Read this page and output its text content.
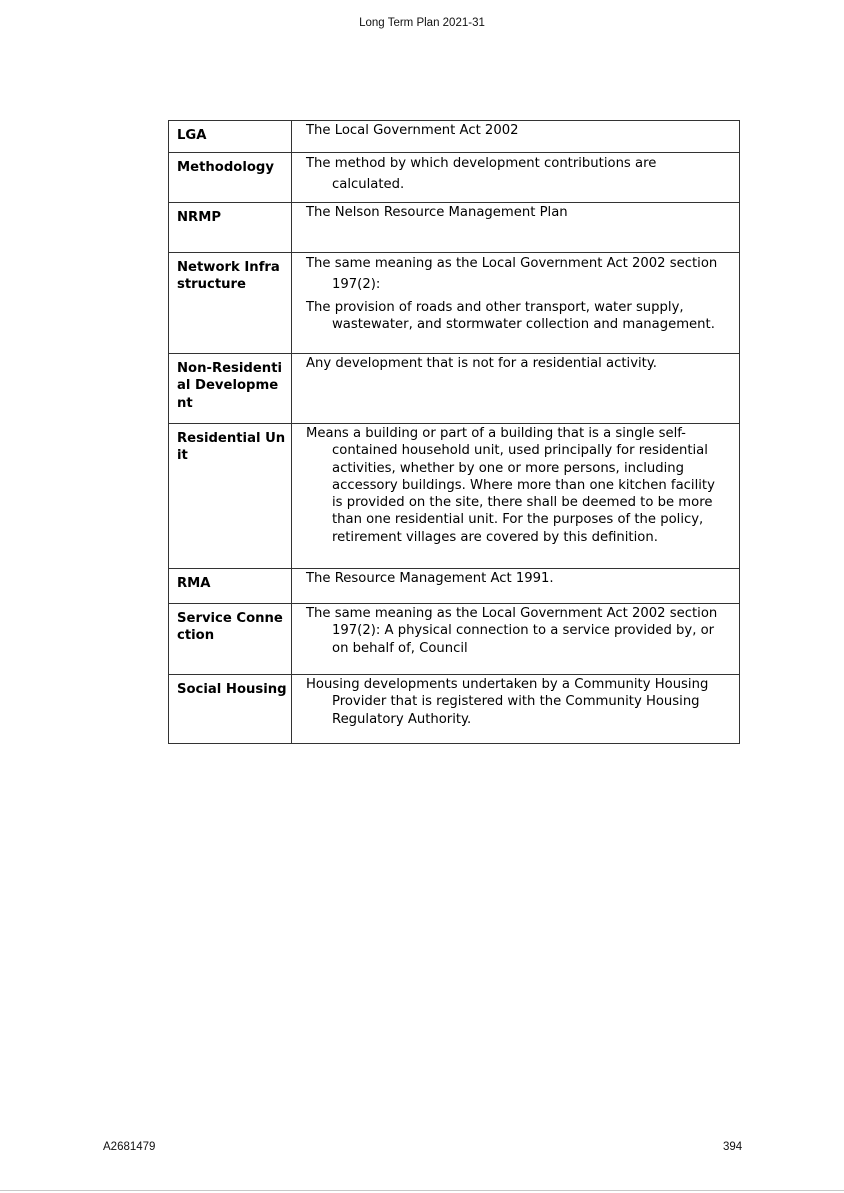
Long Term Plan 2021-31
LGA	The Local Government Act 2002

Methodology	The method by which development contributions are calculated.

NRMP	The Nelson Resource Management Plan

Network Infrastructure	The same meaning as the Local Government Act 2002 section 197(2):

The provision of roads and other transport, water supply, wastewater, and stormwater collection and management.

Non-Residential Development	Any development that is not for a residential activity.

Residential Unit	Means a building or part of a building that is a single self-contained household unit, used principally for residential activities, whether by one or more persons, including accessory buildings. Where more than one kitchen facility is provided on the site, there shall be deemed to be more than one residential unit. For the purposes of the policy, retirement villages are covered by this definition.

RMA	The Resource Management Act 1991.

Service Connection	The same meaning as the Local Government Act 2002 section 197(2): A physical connection to a service provided by, or on behalf of, Council

Social Housing	Housing developments undertaken by a Community Housing Provider that is registered with the Community Housing Regulatory Authority.

A2681479	394
